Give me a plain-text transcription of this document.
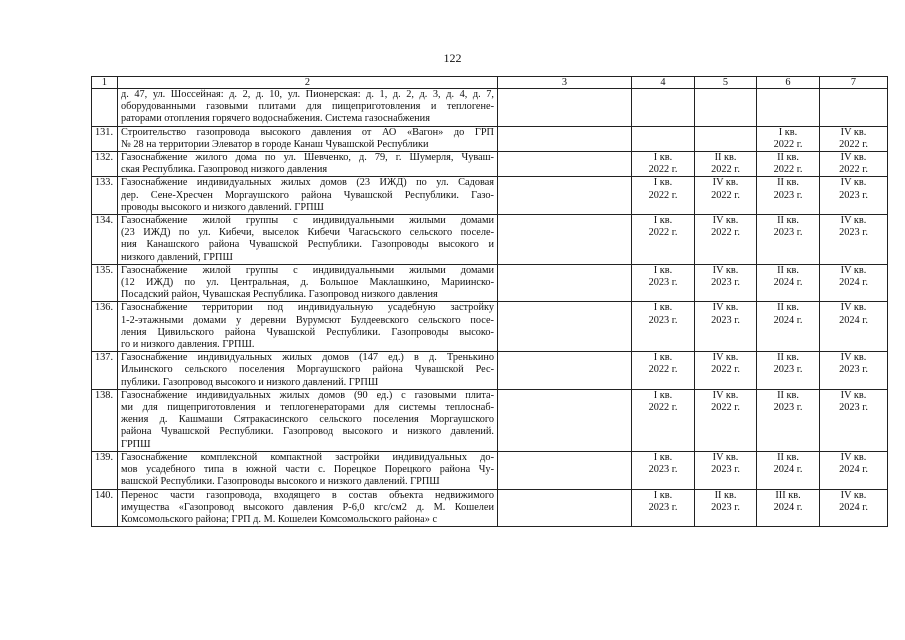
122
1	2	3	4	5	6	7

	д. 47, ул. Шоссейная: д. 2, д. 10, ул. Пионерская: д. 1, д. 2, д. 3, д. 4, д. 7,
оборудованными газовыми плитами для пищеприготовления и теплогене-
раторами отопления горячего водоснабжения. Система газоснабжения					

131.	Строительство газопровода высокого давления от АО «Вагон» до ГРП
№ 28 на территории Элеватор в городе Канаш Чувашской Республики				I кв.
2022 г.	IV кв.
2022 г.

132.	Газоснабжение жилого дома по ул. Шевченко, д. 79, г. Шумерля, Чуваш-
ская Республика. Газопровод низкого давления		I кв.
2022 г.	II кв.
2022 г.	II кв.
2022 г.	IV кв.
2022 г.

133.	Газоснабжение индивидуальных жилых домов (23 ИЖД) по ул. Садовая
дер. Сене-Хресчен Моргаушского района Чувашской Республики. Газо-
проводы высокого и низкого давлений. ГРПШ		I кв.
2022 г.	IV кв.
2022 г.	II кв.
2023 г.	IV кв.
2023 г.

134.	Газоснабжение жилой группы с индивидуальными жилыми домами
(23 ИЖД) по ул. Кибечи, выселок Кибечи Чагасьского сельского поселе-
ния Канашского района Чувашской Республики. Газопроводы высокого и
низкого давлений, ГРПШ		I кв.
2022 г.	IV кв.
2022 г.	II кв.
2023 г.	IV кв.
2023 г.

135.	Газоснабжение жилой группы с индивидуальными жилыми домами
(12 ИЖД) по ул. Центральная, д. Большое Маклашкино, Мариинско-
Посадский район, Чувашская Республика. Газопровод низкого давления		I кв.
2023 г.	IV кв.
2023 г.	II кв.
2024 г.	IV кв.
2024 г.

136.	Газоснабжение территории под индивидуальную усадебную застройку
1-2-этажными домами у деревни Вурумсют Булдеевского сельского посе-
ления Цивильского района Чувашской Республики. Газопроводы высоко-
го и низкого давления. ГРПШ.		I кв.
2023 г.	IV кв.
2023 г.	II кв.
2024 г.	IV кв.
2024 г.

137.	Газоснабжение индивидуальных жилых домов (147 ед.) в д. Тренькино
Ильинского сельского поселения Моргаушского района Чувашской Рес-
публики. Газопровод высокого и низкого давлений. ГРПШ		I кв.
2022 г.	IV кв.
2022 г.	II кв.
2023 г.	IV кв.
2023 г.

138.	Газоснабжение индивидуальных жилых домов (90 ед.) с газовыми плита-
ми для пищеприготовления и теплогенераторами для системы теплоснаб-
жения д. Кашмаши Сятракасинского сельского поселения Моргаушского
района Чувашской Республики. Газопровод высокого и низкого давлений.
ГРПШ		I кв.
2022 г.	IV кв.
2022 г.	II кв.
2023 г.	IV кв.
2023 г.

139.	Газоснабжение комплексной компактной застройки индивидуальных до-
мов усадебного типа в южной части с. Порецкое Порецкого района Чу-
вашской Республики. Газопроводы высокого и низкого давлений. ГРПШ		I кв.
2023 г.	IV кв.
2023 г.	II кв.
2024 г.	IV кв.
2024 г.

140.	Перенос части газопровода, входящего в состав объекта недвижимого
имущества «Газопровод высокого давления Р-6,0 кгс/см2 д. М. Кошелеи
Комсомольского района; ГРП д. М. Кошелеи Комсомольского района» с		I кв.
2023 г.	II кв.
2023 г.	III кв.
2024 г.	IV кв.
2024 г.
